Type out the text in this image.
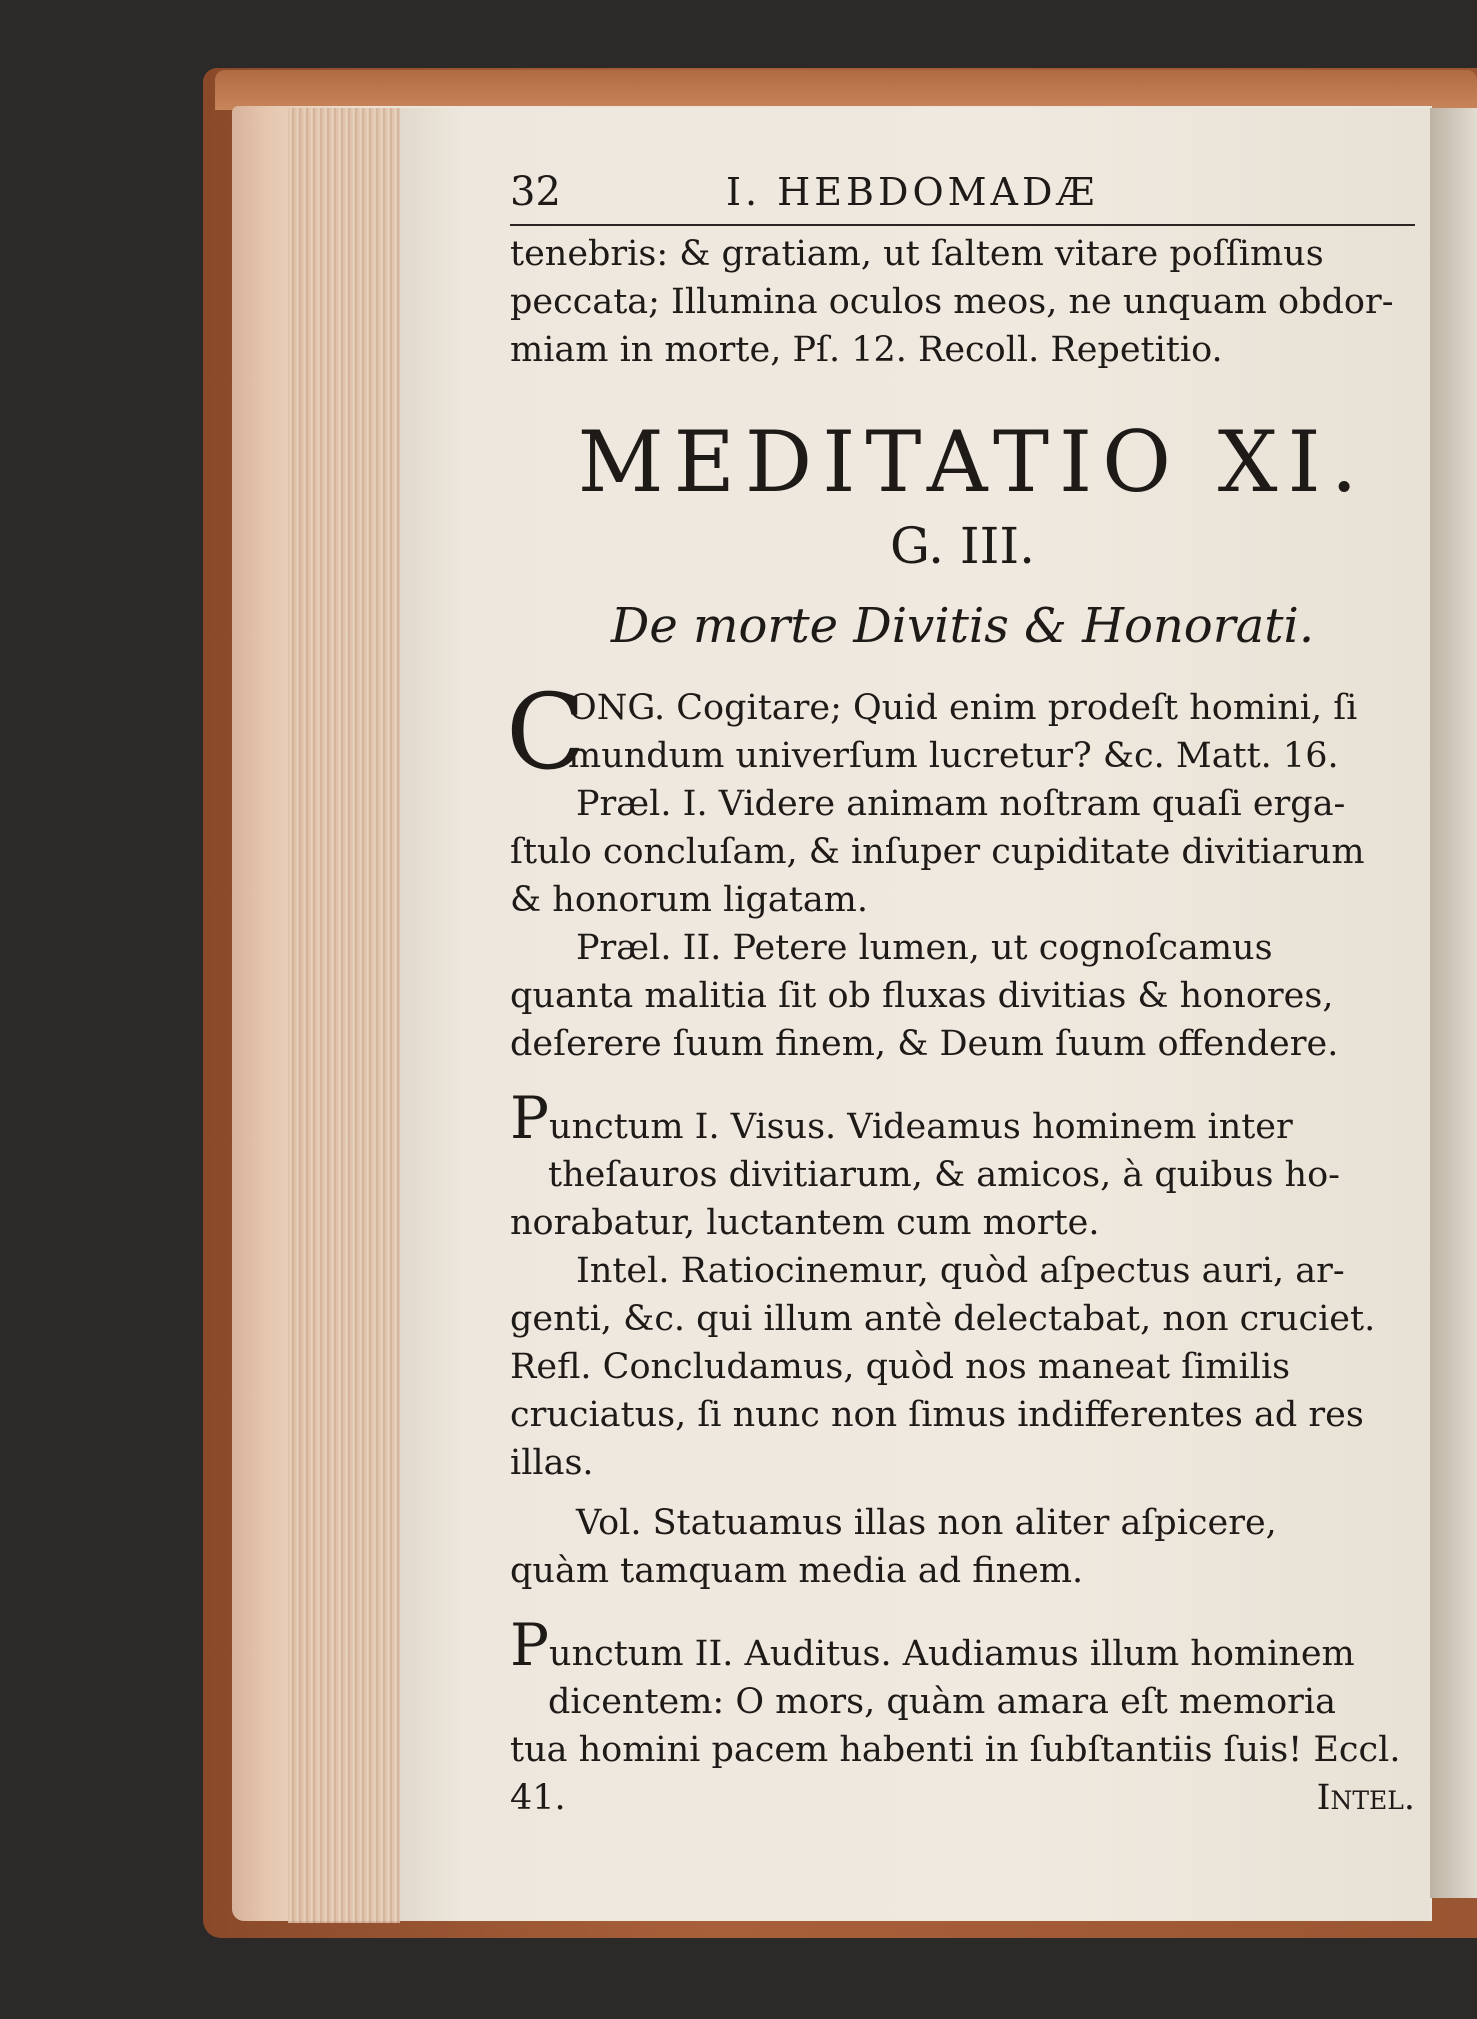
32	I. HEBDOMADÆ
tenebris: & gratiam, ut ſaltem vitare poſſimus
peccata; Illumina oculos meos, ne unquam obdor-
miam in morte, Pſ. 12. Recoll. Repetitio.
MEDITATIO XI.
G. III.
De morte Divitis & Honorati.
C
ONG. Cogitare; Quid enim prodeſt homini, ſi
mundum univerſum lucretur? &c. Matt. 16.
Præl. I. Videre animam noſtram quaſi erga-
ſtulo concluſam, & inſuper cupiditate divitiarum
& honorum ligatam.
Præl. II. Petere lumen, ut cognoſcamus
quanta malitia ſit ob fluxas divitias & honores,
deſerere ſuum finem, & Deum ſuum offendere.
Punctum I. Visus. Videamus hominem inter
theſauros divitiarum, & amicos, à quibus ho-
norabatur, luctantem cum morte.
Intel. Ratiocinemur, quòd aſpectus auri, ar-
genti, &c. qui illum antè delectabat, non cruciet.
Refl. Concludamus, quòd nos maneat ſimilis
cruciatus, ſi nunc non ſimus indifferentes ad res
illas.
Vol. Statuamus illas non aliter aſpicere,
quàm tamquam media ad finem.
Punctum II. Auditus. Audiamus illum hominem
dicentem: O mors, quàm amara eſt memoria
tua homini pacem habenti in ſubſtantiis ſuis! Eccl.
41.	Intel.
